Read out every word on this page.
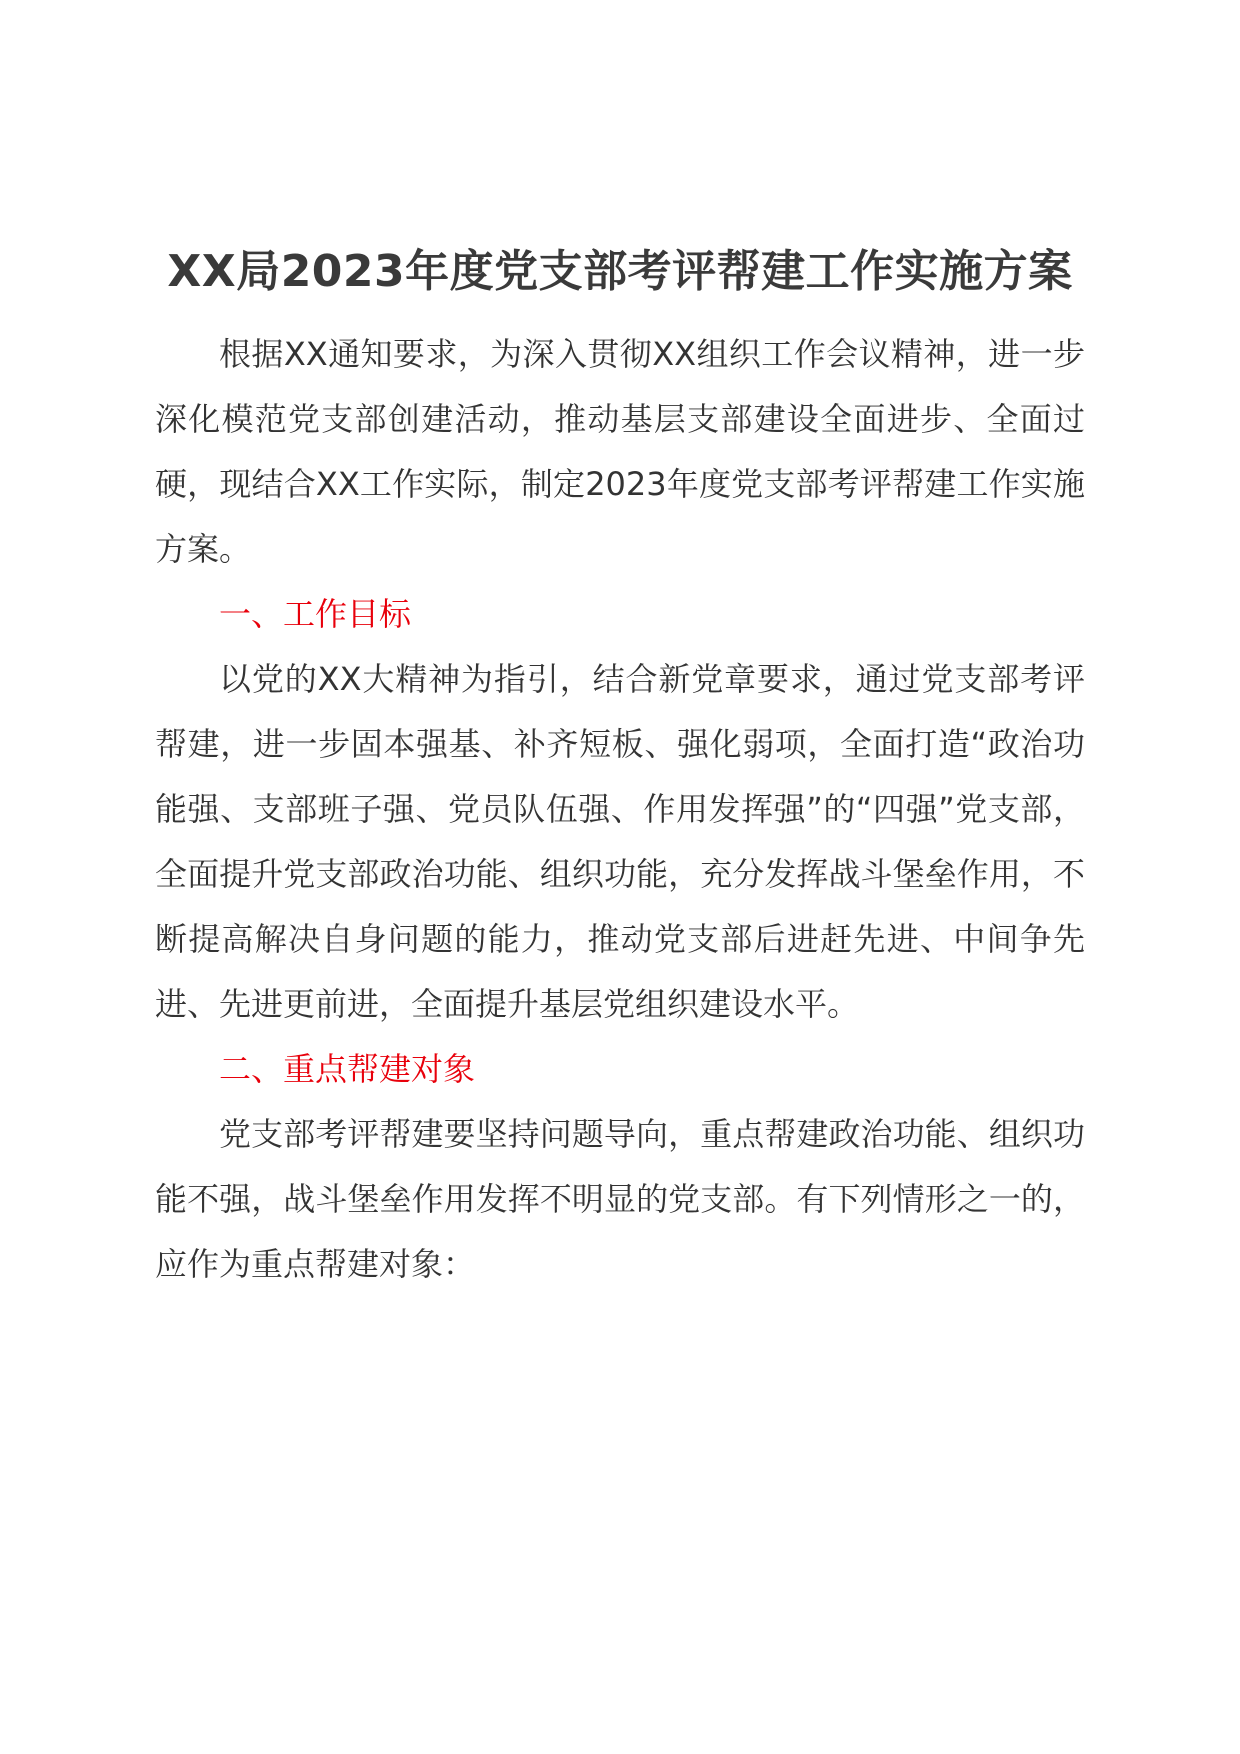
XX局2023年度党支部考评帮建工作实施方案

根据XX通知要求，为深入贯彻XX组织工作会议精神，进一步深化模范党支部创建活动，推动基层支部建设全面进步、全面过硬，现结合XX工作实际，制定2023年度党支部考评帮建工作实施方案。

一、工作目标

以党的XX大精神为指引，结合新党章要求，通过党支部考评帮建，进一步固本强基、补齐短板、强化弱项，全面打造“政治功能强、支部班子强、党员队伍强、作用发挥强”的“四强”党支部，全面提升党支部政治功能、组织功能，充分发挥战斗堡垒作用，不断提高解决自身问题的能力，推动党支部后进赶先进、中间争先进、先进更前进，全面提升基层党组织建设水平。

二、重点帮建对象

党支部考评帮建要坚持问题导向，重点帮建政治功能、组织功能不强，战斗堡垒作用发挥不明显的党支部。有下列情形之一的，应作为重点帮建对象：
